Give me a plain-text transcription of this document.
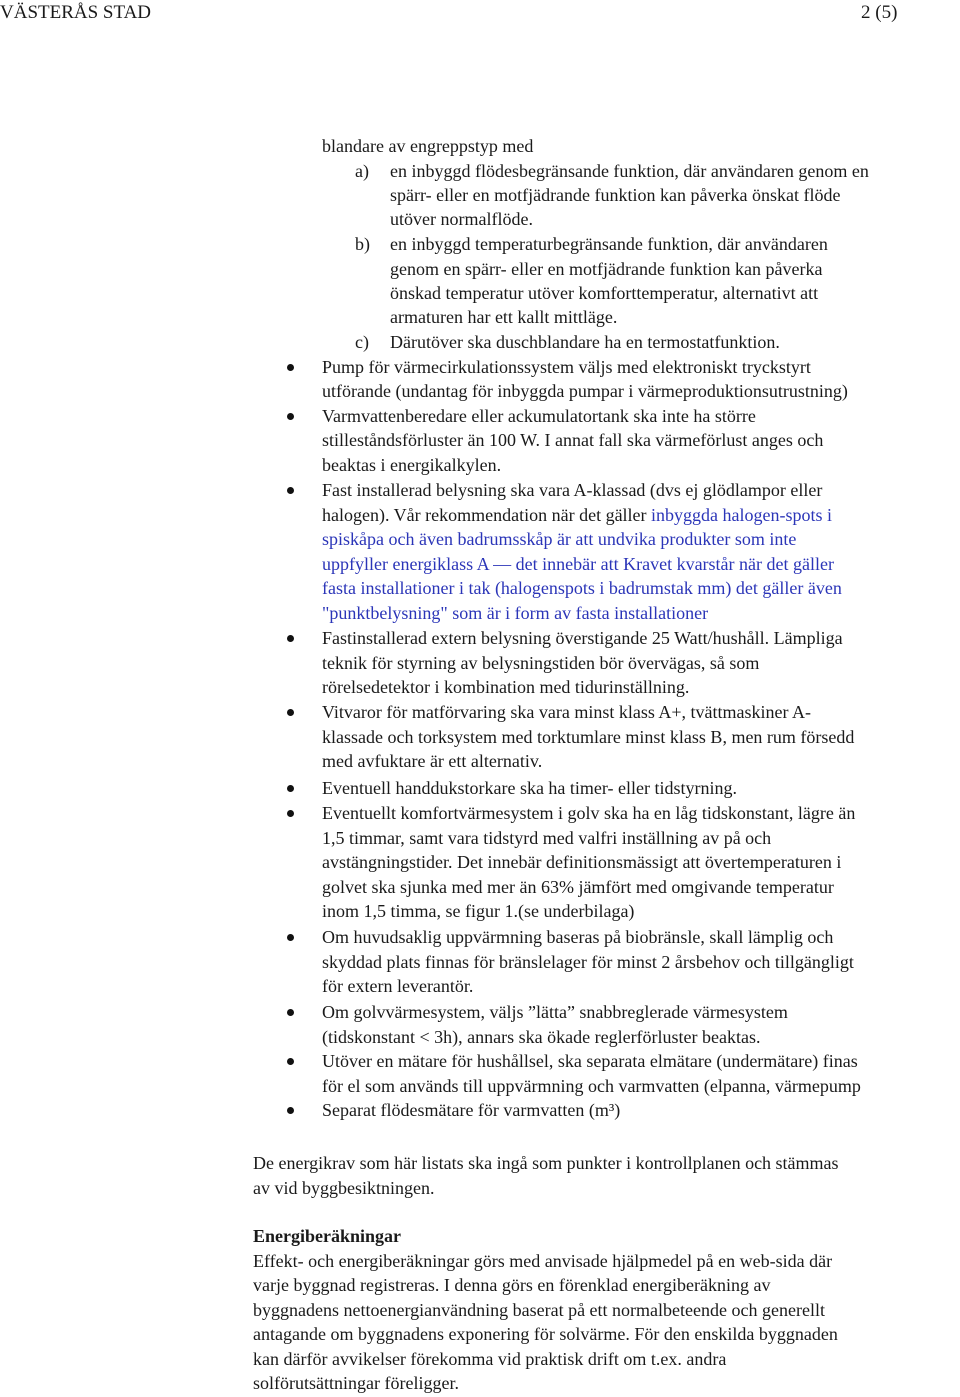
VÄSTERÅS STAD	2 (5)
blandare av engreppstyp med
a) en inbyggd flödesbegränsande funktion, där användaren genom en
spärr- eller en motfjädrande funktion kan påverka önskat flöde
utöver normalflöde.
b) en inbyggd temperaturbegränsande funktion, där användaren
genom en spärr- eller en motfjädrande funktion kan påverka
önskad temperatur utöver komforttemperatur, alternativt att
armaturen har ett kallt mittläge.
c) Därutöver ska duschblandare ha en termostatfunktion.
Pump för värmecirkulationssystem väljs med elektroniskt tryckstyrt
utförande (undantag för inbyggda pumpar i värmeproduktionsutrustning)
Varmvattenberedare eller ackumulatortank ska inte ha större
stilleståndsförluster än 100 W. I annat fall ska värmeförlust anges och
beaktas i energikalkylen.
Fast installerad belysning ska vara A-klassad (dvs ej glödlampor eller
halogen). Vår rekommendation när det gäller inbyggda halogen-spots i
spiskåpa och även badrumsskåp är att undvika produkter som inte
uppfyller energiklass A — det innebär att Kravet kvarstår när det gäller
fasta installationer i tak (halogenspots i badrumstak mm) det gäller även
"punktbelysning" som är i form av fasta installationer
Fastinstallerad extern belysning överstigande 25 Watt/hushåll. Lämpliga
teknik för styrning av belysningstiden bör övervägas, så som
rörelsedetektor i kombination med tidurinställning.
Vitvaror för matförvaring ska vara minst klass A+, tvättmaskiner A-
klassade och torksystem med torktumlare minst klass B, men rum försedd
med avfuktare är ett alternativ.
Eventuell handdukstorkare ska ha timer- eller tidstyrning.
Eventuellt komfortvärmesystem i golv ska ha en låg tidskonstant, lägre än
1,5 timmar, samt vara tidstyrd med valfri inställning av på och
avstängningstider. Det innebär definitionsmässigt att övertemperaturen i
golvet ska sjunka med mer än 63% jämfört med omgivande temperatur
inom 1,5 timma, se figur 1.(se underbilaga)
Om huvudsaklig uppvärmning baseras på biobränsle, skall lämplig och
skyddad plats finnas för bränslelager för minst 2 årsbehov och tillgängligt
för extern leverantör.
Om golvvärmesystem, väljs ”lätta” snabbreglerade värmesystem
(tidskonstant < 3h), annars ska ökade reglerförluster beaktas.
Utöver en mätare för hushållsel, ska separata elmätare (undermätare) finas
för el som används till uppvärmning och varmvatten (elpanna, värmepump
Separat flödesmätare för varmvatten (m³)
De energikrav som här listats ska ingå som punkter i kontrollplanen och stämmas
av vid byggbesiktningen.
Energiberäkningar
Effekt- och energiberäkningar görs med anvisade hjälpmedel på en web-sida där
varje byggnad registreras. I denna görs en förenklad energiberäkning av
byggnadens nettoenergianvändning baserat på ett normalbeteende och generellt
antagande om byggnadens exponering för solvärme. För den enskilda byggnaden
kan därför avvikelser förekomma vid praktisk drift om t.ex. andra
solförutsättningar föreligger.
